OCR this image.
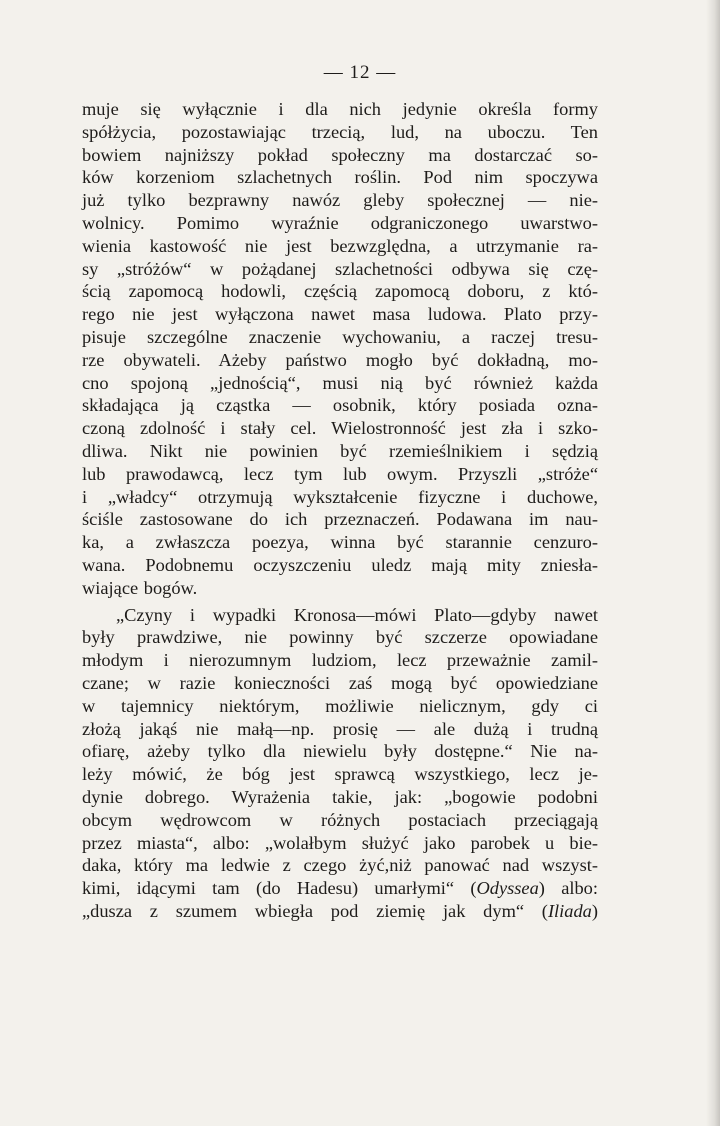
— 12 —
muje się wyłącznie i dla nich jedynie określa formy
spółżycia, pozostawiając trzecią, lud, na uboczu. Ten
bowiem najniższy pokład społeczny ma dostarczać so-
ków korzeniom szlachetnych roślin. Pod nim spoczywa
już tylko bezprawny nawóz gleby społecznej — nie-
wolnicy. Pomimo wyraźnie odgraniczonego uwarstwo-
wienia kastowość nie jest bezwzględna, a utrzymanie ra-
sy „stróżów“ w pożądanej szlachetności odbywa się czę-
ścią zapomocą hodowli, częścią zapomocą doboru, z któ-
rego nie jest wyłączona nawet masa ludowa. Plato przy-
pisuje szczególne znaczenie wychowaniu, a raczej tresu-
rze obywateli. Ażeby państwo mogło być dokładną, mo-
cno spojoną „jednością“, musi nią być również każda
składająca ją cząstka — osobnik, który posiada ozna-
czoną zdolność i stały cel. Wielostronność jest zła i szko-
dliwa. Nikt nie powinien być rzemieślnikiem i sędzią
lub prawodawcą, lecz tym lub owym. Przyszli „stróże“
i „władcy“ otrzymują wykształcenie fizyczne i duchowe,
ściśle zastosowane do ich przeznaczeń. Podawana im nau-
ka, a zwłaszcza poezya, winna być starannie cenzuro-
wana. Podobnemu oczyszczeniu uledz mają mity zniesła-
wiające bogów.
„Czyny i wypadki Kronosa—mówi Plato—gdyby nawet
były prawdziwe, nie powinny być szczerze opowiadane
młodym i nierozumnym ludziom, lecz przeważnie zamil-
czane; w razie konieczności zaś mogą być opowiedziane
w tajemnicy niektórym, możliwie nielicznym, gdy ci
złożą jakąś nie małą—np. prosię — ale dużą i trudną
ofiarę, ażeby tylko dla niewielu były dostępne.“ Nie na-
leży mówić, że bóg jest sprawcą wszystkiego, lecz je-
dynie dobrego. Wyrażenia takie, jak: „bogowie podobni
obcym wędrowcom w różnych postaciach przeciągają
przez miasta“, albo: „wolałbym służyć jako parobek u bie-
daka, który ma ledwie z czego żyć,niż panować nad wszyst-
kimi, idącymi tam (do Hadesu) umarłymi“ (Odyssea) albo:
„dusza z szumem wbiegła pod ziemię jak dym“ (Iliada)
